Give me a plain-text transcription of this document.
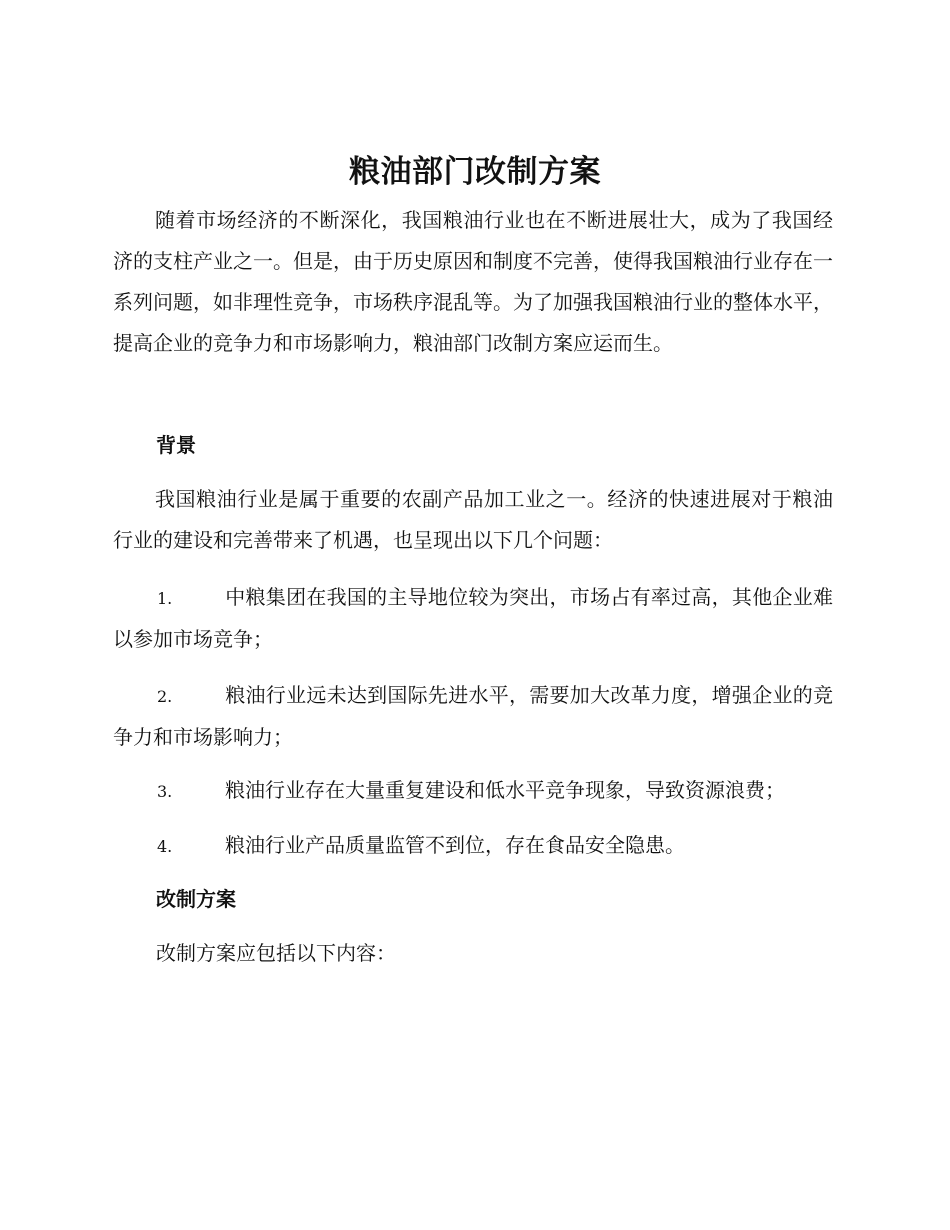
粮油部门改制方案
随着市场经济的不断深化，我国粮油行业也在不断进展壮大，成为了我国经济的支柱产业之一。但是，由于历史原因和制度不完善，使得我国粮油行业存在一系列问题，如非理性竞争，市场秩序混乱等。为了加强我国粮油行业的整体水平，提高企业的竞争力和市场影响力，粮油部门改制方案应运而生。
背景
我国粮油行业是属于重要的农副产品加工业之一。经济的快速进展对于粮油行业的建设和完善带来了机遇，也呈现出以下几个问题：
1.	中粮集团在我国的主导地位较为突出，市场占有率过高，其他企业难以参加市场竞争；
2.	粮油行业远未达到国际先进水平，需要加大改革力度，增强企业的竞争力和市场影响力；
3.	粮油行业存在大量重复建设和低水平竞争现象，导致资源浪费；
4.	粮油行业产品质量监管不到位，存在食品安全隐患。
改制方案
改制方案应包括以下内容：
